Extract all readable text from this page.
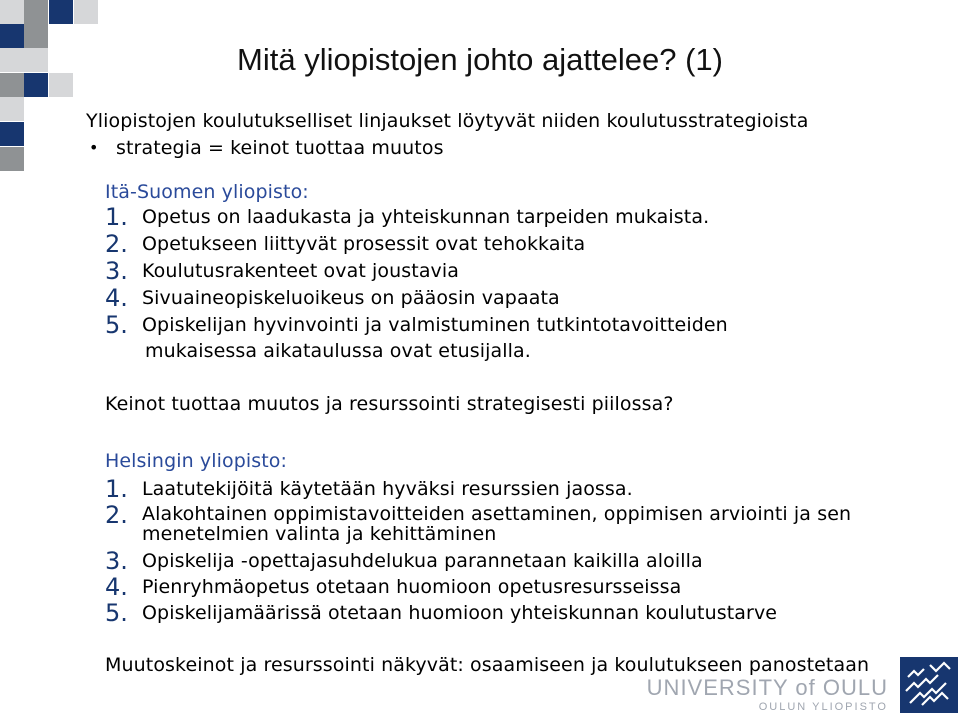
Mitä yliopistojen johto ajattelee? (1)
Yliopistojen koulutukselliset linjaukset löytyvät niiden koulutusstrategioista
• strategia = keinot tuottaa muutos
Itä-Suomen yliopisto:
1. Opetus on laadukasta ja yhteiskunnan tarpeiden mukaista.
2. Opetukseen liittyvät prosessit ovat tehokkaita
3. Koulutusrakenteet ovat joustavia
4. Sivuaineopiskeluoikeus on pääosin vapaata
5. Opiskelijan hyvinvointi ja valmistuminen tutkintotavoitteiden
mukaisessa aikataulussa ovat etusijalla.
Keinot tuottaa muutos ja resurssointi strategisesti piilossa?
Helsingin yliopisto:
1. Laatutekijöitä käytetään hyväksi resurssien jaossa.
2. Alakohtainen oppimistavoitteiden asettaminen, oppimisen arviointi ja sen
menetelmien valinta ja kehittäminen
3. Opiskelija -opettajasuhdelukua parannetaan kaikilla aloilla
4. Pienryhmäopetus otetaan huomioon opetusresursseissa
5. Opiskelijamäärissä otetaan huomioon yhteiskunnan koulutustarve
Muutoskeinot ja resurssointi näkyvät: osaamiseen ja koulutukseen panostetaan
UNIVERSITY of OULU
OULUN YLIOPISTO
